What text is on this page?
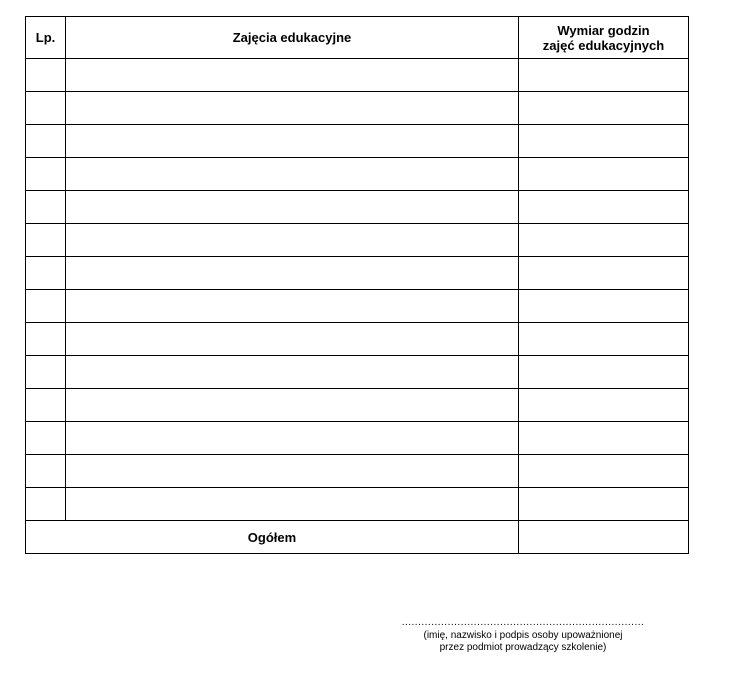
Lp.	Zajęcia edukacyjne	Wymiar godzin
zajęć edukacyjnych

Ogółem		
..........................................................................
(imię, nazwisko i podpis osoby upoważnionej
przez podmiot prowadzący szkolenie)
